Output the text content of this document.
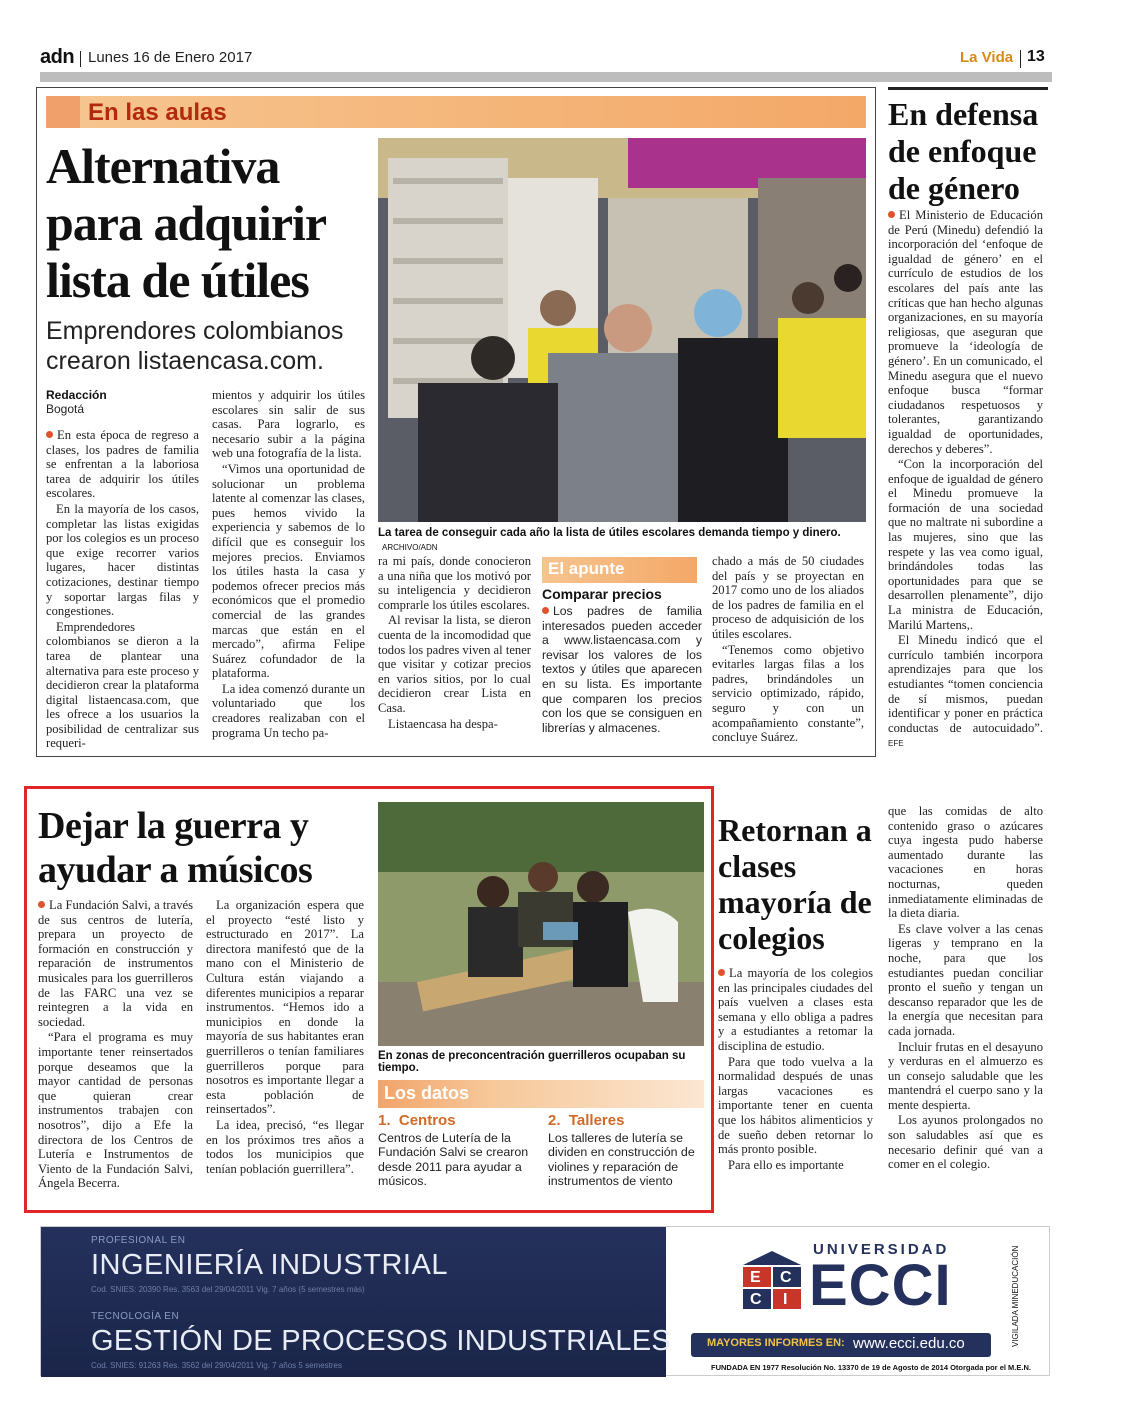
adn Lunes 16 de Enero 2017	La Vida 13
En las aulas
Alternativa para adquirir lista de útiles
Emprendores colombianos crearon listaencasa.com.
Redacción
Bogotá

En esta época de regreso a clases, los padres de familia se enfrentan a la laboriosa tarea de adquirir los útiles escolares.

En la mayoría de los casos, completar las listas exigidas por los colegios es un proceso que exige recorrer varios lugares, hacer distintas cotizaciones, destinar tiempo y soportar largas filas y congestiones.

Emprendedores colombianos se dieron a la tarea de plantear una alternativa para este proceso y decidieron crear la plataforma digital listaencasa.com, que les ofrece a los usuarios la posibilidad de centralizar sus requeri-

mientos y adquirir los útiles escolares sin salir de sus casas. Para lograrlo, es necesario subir a la página web una fotografía de la lista.

“Vimos una oportunidad de solucionar un problema latente al comenzar las clases, pues hemos vivido la experiencia y sabemos de lo difícil que es conseguir los mejores precios. Enviamos los útiles hasta la casa y podemos ofrecer precios más económicos que el promedio comercial de las grandes marcas que están en el mercado”, afirma Felipe Suárez cofundador de la plataforma.

La idea comenzó durante un voluntariado que los creadores realizaban con el programa Un techo pa-

La tarea de conseguir cada año la lista de útiles escolares demanda tiempo y dinero. ARCHIVO/ADN

ra mi país, donde conocieron a una niña que los motivó por su inteligencia y decidieron comprarle los útiles escolares.

Al revisar la lista, se dieron cuenta de la incomodidad que todos los padres viven al tener que visitar y cotizar precios en varios sitios, por lo cual decidieron crear Lista en Casa.

Listaencasa ha despa-

El apunte
Comparar precios
Los padres de familia interesados pueden acceder a www.listaencasa.com y revisar los valores de los textos y útiles que aparecen en su lista. Es importante que comparen los precios con los que se consiguen en librerías y almacenes.

chado a más de 50 ciudades del país y se proyectan en 2017 como uno de los aliados de los padres de familia en el proceso de adquisición de los útiles escolares.

“Tenemos como objetivo evitarles largas filas a los padres, brindándoles un servicio optimizado, rápido, seguro y con un acompañamiento constante”, concluye Suárez.

En defensa de enfoque de género

El Ministerio de Educación de Perú (Minedu) defendió la incorporación del ‘enfoque de igualdad de género’ en el currículo de estudios de los escolares del país ante las críticas que han hecho algunas organizaciones, en su mayoría religiosas, que aseguran que promueve la ‘ideología de género’. En un comunicado, el Minedu asegura que el nuevo enfoque busca “formar ciudadanos respetuosos y tolerantes, garantizando igualdad de oportunidades, derechos y deberes”.

“Con la incorporación del enfoque de igualdad de género el Minedu promueve la formación de una sociedad que no maltrate ni subordine a las mujeres, sino que las respete y las vea como igual, brindándoles todas las oportunidades para que se desarrollen plenamente”, dijo La ministra de Educación, Marilú Martens,.

El Minedu indicó que el currículo también incorpora aprendizajes para que los estudiantes “tomen conciencia de sí mismos, puedan identificar y poner en práctica conductas de autocuidado”. EFE

Dejar la guerra y ayudar a músicos

La Fundación Salvi, a través de sus centros de lutería, prepara un proyecto de formación en construcción y reparación de instrumentos musicales para los guerrilleros de las FARC una vez se reintegren a la vida en sociedad.

“Para el programa es muy importante tener reinsertados porque deseamos que la mayor cantidad de personas que quieran crear instrumentos trabajen con nosotros”, dijo a Efe la directora de los Centros de Lutería e Instrumentos de Viento de la Fundación Salvi, Ángela Becerra.

La organización espera que el proyecto “esté listo y estructurado en 2017”. La directora manifestó que de la mano con el Ministerio de Cultura están viajando a diferentes municipios a reparar instrumentos. “Hemos ido a municipios en donde la mayoría de sus habitantes eran guerrilleros o tenían familiares guerrilleros porque para nosotros es importante llegar a esta población de reinsertados”.

La idea, precisó, “es llegar en los próximos tres años a todos los municipios que tenían población guerrillera”.

En zonas de preconcentración guerrilleros ocupaban su tiempo.
Los datos
1. Centros
Centros de Lutería de la Fundación Salvi se crearon desde 2011 para ayudar a músicos.
2. Talleres
Los talleres de lutería se dividen en construcción de violines y reparación de instrumentos de viento
Retornan a clases mayoría de colegios

La mayoría de los colegios en las principales ciudades del país vuelven a clases esta semana y ello obliga a padres y a estudiantes a retomar la disciplina de estudio.

Para que todo vuelva a la normalidad después de unas largas vacaciones es importante tener en cuenta que los hábitos alimenticios y de sueño deben retornar lo más pronto posible.

Para ello es importante

que las comidas de alto contenido graso o azúcares cuya ingesta pudo haberse aumentado durante las vacaciones en horas nocturnas, queden inmediatamente eliminadas de la dieta diaria.

Es clave volver a las cenas ligeras y temprano en la noche, para que los estudiantes puedan conciliar pronto el sueño y tengan un descanso reparador que les de la energía que necesitan para cada jornada.

Incluir frutas en el desayuno y verduras en el almuerzo es un consejo saludable que les mantendrá el cuerpo sano y la mente despierta.

Los ayunos prolongados no son saludables así que es necesario definir qué van a comer en el colegio.

PROFESIONAL EN
INGENIERÍA INDUSTRIAL
Cod. SNIES: 20390 Res. 3563 del 29/04/2011 Vig. 7 años (5 semestres más)
TECNOLOGÍA EN
GESTIÓN DE PROCESOS INDUSTRIALES
Cod. SNIES: 91263 Res. 3562 del 29/04/2011 Vig. 7 años 5 semestres
E C
C I
UNIVERSIDAD
ECCI
MAYORES INFORMES EN: www.ecci.edu.co
FUNDADA EN 1977 Resolución No. 13370 de 19 de Agosto de 2014 Otorgada por el M.E.N.
VIGILADA MINEDUCACIÓN
